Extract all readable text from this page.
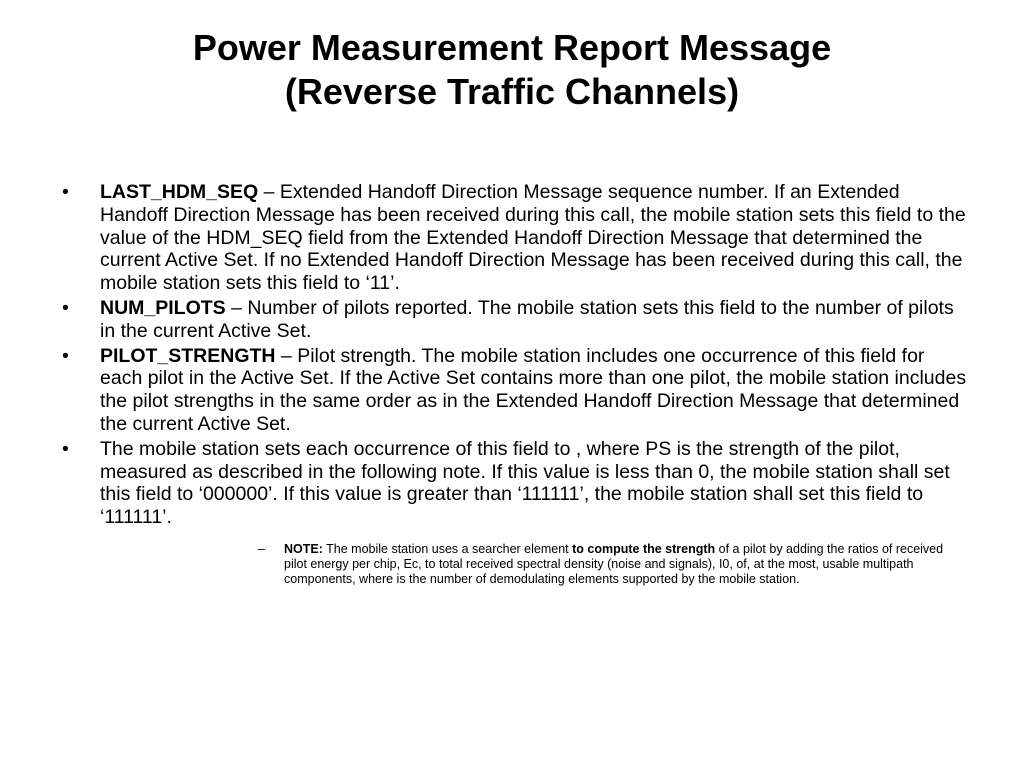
Power Measurement Report Message
(Reverse Traffic Channels)
• LAST_HDM_SEQ – Extended Handoff Direction Message sequence number. If an Extended Handoff Direction Message has been received during this call, the mobile station sets this field to the value of the HDM_SEQ field from the Extended Handoff Direction Message that determined the current Active Set. If no Extended Handoff Direction Message has been received during this call, the mobile station sets this field to ‘11’.
• NUM_PILOTS – Number of pilots reported. The mobile station sets this field to the number of pilots in the current Active Set.
• PILOT_STRENGTH – Pilot strength. The mobile station includes one occurrence of this field for each pilot in the Active Set. If the Active Set contains more than one pilot, the mobile station includes the pilot strengths in the same order as in the Extended Handoff Direction Message that determined the current Active Set.
• The mobile station sets each occurrence of this field to , where PS is the strength of the pilot, measured as described in the following note. If this value is less than 0, the mobile station shall set this field to ‘000000’. If this value is greater than ‘111111’, the mobile station shall set this field to ‘111111’.
– NOTE: The mobile station uses a searcher element to compute the strength of a pilot by adding the ratios of received pilot energy per chip, Ec, to total received spectral density (noise and signals), I0, of, at the most, usable multipath components, where is the number of demodulating elements supported by the mobile station.
